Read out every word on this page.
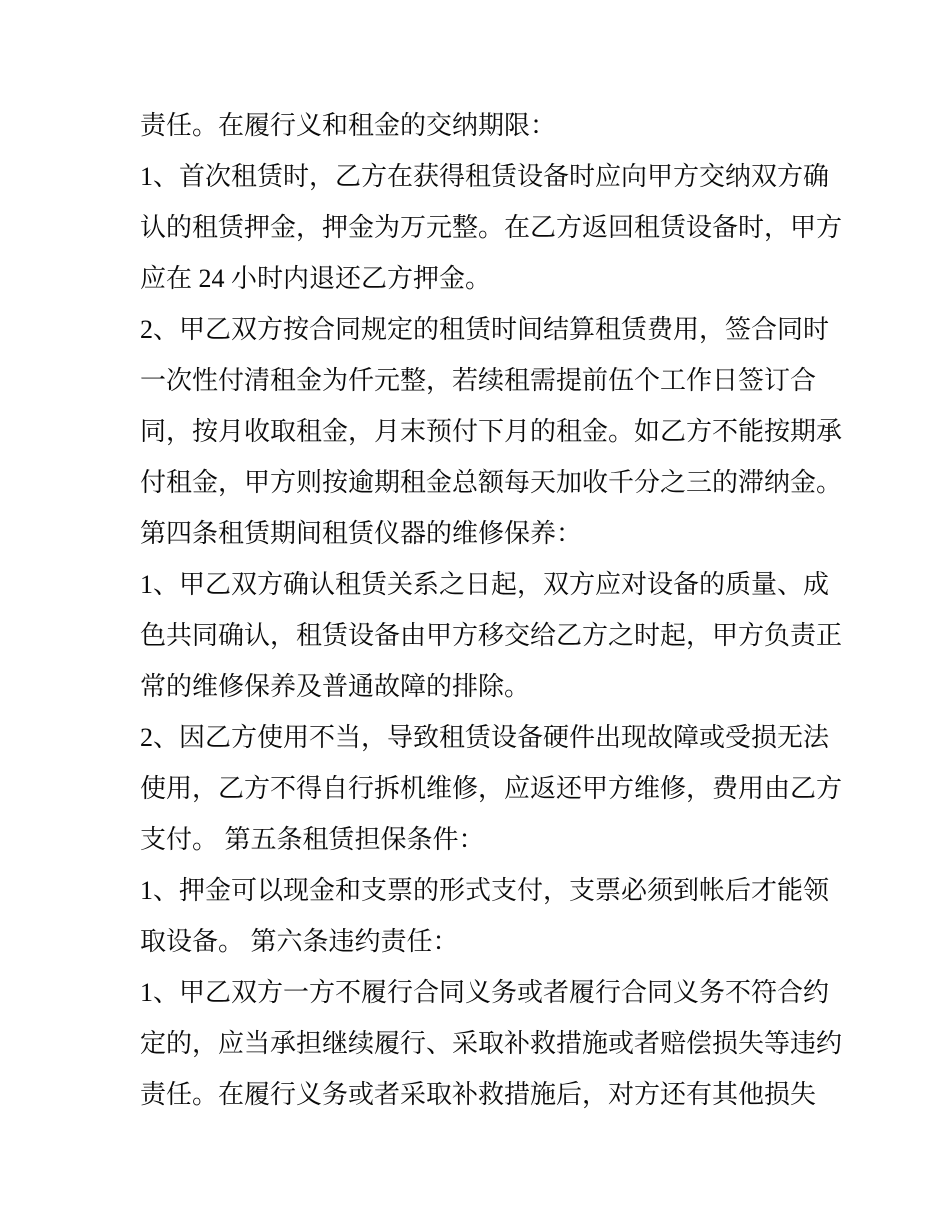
责任。在履行义和租金的交纳期限：
1、首次租赁时，乙方在获得租赁设备时应向甲方交纳双方确
认的租赁押金，押金为万元整。在乙方返回租赁设备时，甲方
应在 24 小时内退还乙方押金。
2、甲乙双方按合同规定的租赁时间结算租赁费用，签合同时
一次性付清租金为仟元整，若续租需提前伍个工作日签订合
同，按月收取租金，月末预付下月的租金。如乙方不能按期承
付租金，甲方则按逾期租金总额每天加收千分之三的滞纳金。
第四条租赁期间租赁仪器的维修保养：
1、甲乙双方确认租赁关系之日起，双方应对设备的质量、成
色共同确认，租赁设备由甲方移交给乙方之时起，甲方负责正
常的维修保养及普通故障的排除。
2、因乙方使用不当，导致租赁设备硬件出现故障或受损无法
使用，乙方不得自行拆机维修，应返还甲方维修，费用由乙方
支付。 第五条租赁担保条件：
1、押金可以现金和支票的形式支付，支票必须到帐后才能领
取设备。 第六条违约责任：
1、甲乙双方一方不履行合同义务或者履行合同义务不符合约
定的，应当承担继续履行、采取补救措施或者赔偿损失等违约
责任。在履行义务或者采取补救措施后，对方还有其他损失
